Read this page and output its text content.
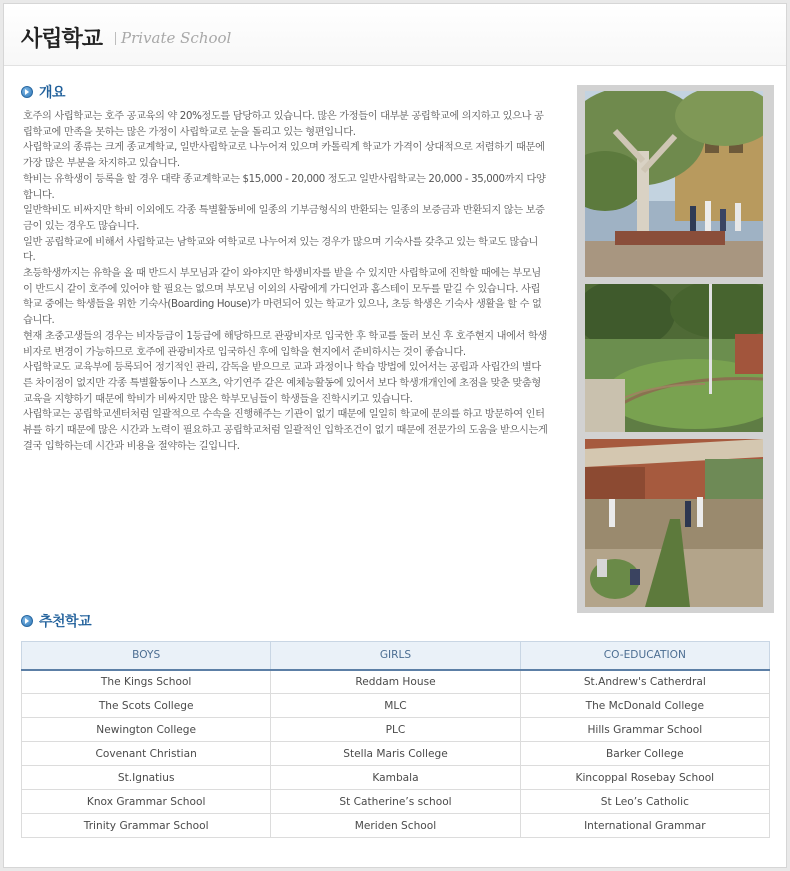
사립학교 Private School
개요

호주의 사립학교는 호주 공교육의 약 20%정도를 담당하고 있습니다. 많은 가정들이 대부분 공립학교에 의지하고 있으나 공립학교에 만족을 못하는 많은 가정이 사립학교로 눈을 돌리고 있는 형편입니다.

사립학교의 종류는 크게 종교계학교, 일반사립학교로 나누어져 있으며 카톨릭계 학교가 가격이 상대적으로 저렴하기 때문에 가장 많은 부분을 차지하고 있습니다.

학비는 유학생이 등록을 할 경우 대략 종교계학교는 $15,000 - 20,000 정도고 일반사립학교는 20,000 - 35,000까지 다양합니다.

일반학비도 비싸지만 학비 이외에도 각종 특별활동비에 일종의 기부금형식의 반환되는 일종의 보증금과 반환되지 않는 보증금이 있는 경우도 많습니다.

일반 공립학교에 비해서 사립학교는 남학교와 여학교로 나누어져 있는 경우가 많으며 기숙사를 갖추고 있는 학교도 많습니다.

초등학생까지는 유학을 올 때 반드시 부모님과 같이 와야지만 학생비자를 받을 수 있지만 사립학교에 진학할 때에는 부모님이 반드시 같이 호주에 있어야 할 필요는 없으며 부모님 이외의 사람에게 가디언과 홈스테이 모두를 맡길 수 있습니다. 사립학교 중에는 학생들을 위한 기숙사(Boarding House)가 마련되어 있는 학교가 있으나, 초등 학생은 기숙사 생활을 할 수 없습니다.

현재 초중고생들의 경우는 비자등급이 1등급에 해당하므로 관광비자로 입국한 후 학교를 둘러 보신 후 호주현지 내에서 학생비자로 변경이 가능하므로 호주에 관광비자로 입국하신 후에 입학을 현지에서 준비하시는 것이 좋습니다.

사립학교도 교육부에 등록되어 정기적인 관리, 감독을 받으므로 교과 과정이나 학습 방법에 있어서는 공립과 사립간의 별다른 차이점이 없지만 각종 특별활동이나 스포츠, 악기연주 같은 예체능활동에 있어서 보다 학생개개인에 초점을 맞춘 맞춤형 교육을 지향하기 때문에 학비가 비싸지만 많은 학부모님들이 학생들을 진학시키고 있습니다.

사립학교는 공립학교센터처럼 일괄적으로 수속을 진행해주는 기관이 없기 때문에 일일히 학교에 문의를 하고 방문하여 인터뷰를 하기 때문에 많은 시간과 노력이 필요하고 공립학교처럼 일괄적인 입학조건이 없기 때문에 전문가의 도움을 받으시는게 결국 입학하는데 시간과 비용을 절약하는 길입니다.

추천학교
BOYS	GIRLS	CO-EDUCATION
The Kings School	Reddam House	St.Andrew's Catherdral
The Scots College	MLC	The McDonald College
Newington College	PLC	Hills Grammar School
Covenant Christian	Stella Maris College	Barker College
St.Ignatius	Kambala	Kincoppal Rosebay School
Knox Grammar School	St Catherine’s school	St Leo’s Catholic
Trinity Grammar School	Meriden School	International Grammar
